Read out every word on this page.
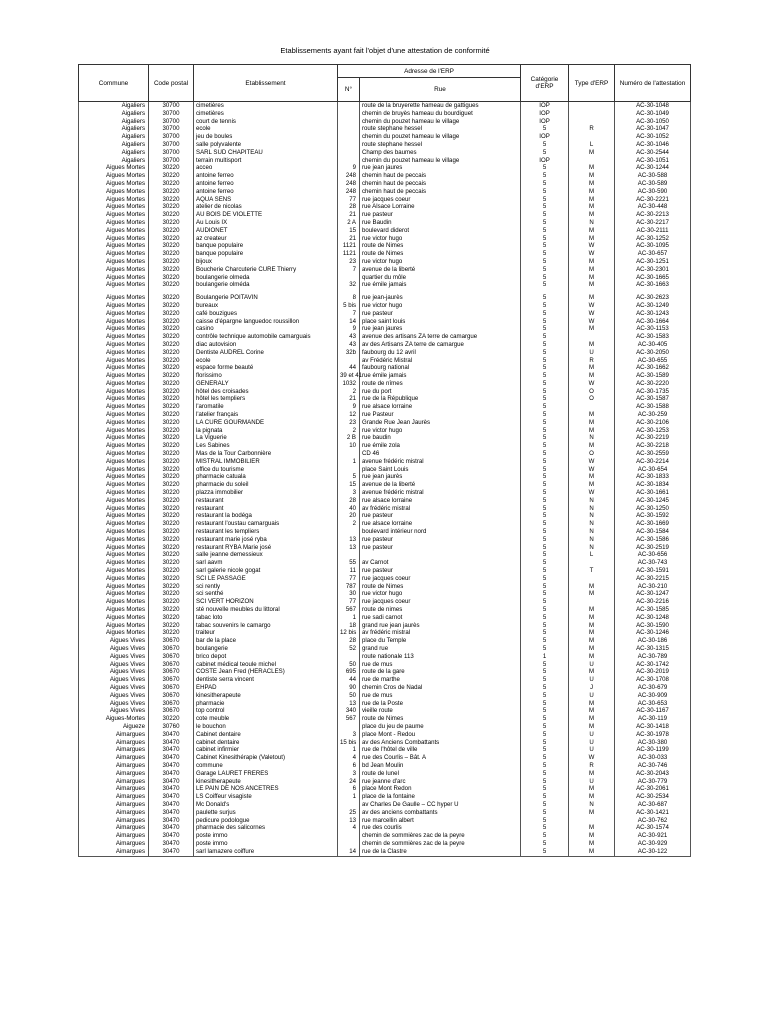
Etablissements ayant fait l'objet d'une attestation de conformité
Commune	Code postal	Etablissement	Adresse de l'ERP		Catégorie d'ERP	Type d'ERP	Numéro de l'attestation
			N°	Rue			
Aigaliers	30700	cimetières		route de la bruyerette hameau de gattigues	IOP		AC-30-1048
Aigaliers	30700	cimetières		chemin de bruyès hameau du bourdiguet	IOP		AC-30-1049
Aigaliers	30700	court de tennis		chemin du pouzet hameau le village	IOP		AC-30-1050
Aigaliers	30700	ecole		route stephane hessel	5	R	AC-30-1047
Aigaliers	30700	jeu de boules		chemin du pouzet hameau le village	IOP		AC-30-1052
Aigaliers	30700	salle polyvalente		route stephane hessel	5	L	AC-30-1046
Aigaliers	30700	SARL SUD CHAPITEAU		Champ des baumes	5	M	AC-30-2544
Aigaliers	30700	terrain multisport		chemin du pouzet hameau le village	IOP		AC-30-1051
Aigues Mortes	30220	acceo	9	rue jean jaures	5	M	AC-30-1244
Aigues Mortes	30220	antoine ferreo	248	chemin haut de peccais	5	M	AC-30-588
Aigues Mortes	30220	antoine ferreo	248	chemin haut de peccais	5	M	AC-30-589
Aigues Mortes	30220	antoine ferreo	248	chemin haut de peccais	5	M	AC-30-590
Aigues Mortes	30220	AQUA SENS	77	rue jacques coeur	5	M	AC-30-2221
Aigues Mortes	30220	atelier de nicolas	28	rue Alsace Lorraine	5	M	AC-30-448
Aigues Mortes	30220	AU BOIS DE VIOLETTE	21	rue pasteur	5	M	AC-30-2213
Aigues Mortes	30220	Au Louis IX	2 A	rue Baudin	5	N	AC-30-2217
Aigues Mortes	30220	AUDIONET	15	boulevard diderot	5	M	AC-30-2111
Aigues Mortes	30220	az createur	21	rue victor hugo	5	M	AC-30-1252
Aigues Mortes	30220	banque populaire	1121	route de Nimes	5	W	AC-30-1095
Aigues Mortes	30220	banque populaire	1121	route de Nimes	5	W	AC-30-657
Aigues Mortes	30220	bijoux	23	rue victor hugo	5	M	AC-30-1251
Aigues Mortes	30220	Boucherie Charcuterie CURE Thierry	7	avenue de la liberté	5	M	AC-30-2301
Aigues Mortes	30220	boulangerie olmeda		quartier du môle	5	M	AC-30-1665
Aigues Mortes	30220	boulangerie olméda	32	rue émile jamais	5	M	AC-30-1663

Aigues Mortes	30220	Boulangerie POITAVIN	8	rue jean-jaurès	5	M	AC-30-2623
Aigues Mortes	30220	bureaux	5 bis	rue victor hugo	5	W	AC-30-1249
Aigues Mortes	30220	café bouzigues	7	rue pasteur	5	W	AC-30-1243
Aigues Mortes	30220	caisse d'épargne languedoc roussillon	14	place saint louis	5	W	AC-30-1664
Aigues Mortes	30220	casino	9	rue jean jaures	5	M	AC-30-1153
Aigues Mortes	30220	contrôle technique automobile camarguais	43	avenue des artisans ZA terre de camargue	5		AC-30-1583
Aigues Mortes	30220	diac autovision	43	av des Artisans ZA terre de camargue	5	M	AC-30-405
Aigues Mortes	30220	Dentiste AUDREL Corine	32b	faubourg du 12 avril	5	U	AC-30-2050
Aigues Mortes	30220	ecole		av Frédéric Mistral	5	R	AC-30-655
Aigues Mortes	30220	espace forme beauté	44	faubourg national	5	M	AC-30-1662
Aigues Mortes	30220	florissimo	39 et 41	rue émile jamais	5	M	AC-30-1589
Aigues Mortes	30220	GENERALY	1032	route de nîmes	5	W	AC-30-2220
Aigues Mortes	30220	hôtel des croisades	2	rue du port	5	O	AC-30-1735
Aigues Mortes	30220	hôtel les templiers	21	rue de la République	5	O	AC-30-1587
Aigues Mortes	30220	l'aromatile	9	rue alsace lorraine	5		AC-30-1588
Aigues Mortes	30220	l'atelier français	12	rue Pasteur	5	M	AC-30-259
Aigues Mortes	30220	LA CURE GOURMANDE	23	Grande Rue Jean Jaurès	5	M	AC-30-2106
Aigues Mortes	30220	la pignata	2	rue victor hugo	5	M	AC-30-1253
Aigues Mortes	30220	La Viguerie	2 B	rue baudin	5	N	AC-30-2219
Aigues Mortes	30220	Les Sabines	10	rue émile zola	5	M	AC-30-2218
Aigues Mortes	30220	Mas de la Tour Carbonnière		CD 46	5	O	AC-30-2559
Aigues Mortes	30220	MISTRAL IMMOBILIER	1	avenue frédéric mistral	5	W	AC-30-2214
Aigues Mortes	30220	office du tourisme		place Saint Louis	5	W	AC-30-654
Aigues Mortes	30220	pharmacie catuala	5	rue jean jaurès	5	M	AC-30-1833
Aigues Mortes	30220	pharmacie du soleil	15	avenue de la liberté	5	M	AC-30-1834
Aigues Mortes	30220	plazza immobilier	3	avenue frédéric mistral	5	W	AC-30-1661
Aigues Mortes	30220	restaurant	28	rue alsace lorraine	5	N	AC-30-1245
Aigues Mortes	30220	restaurant	40	av frédéric mistral	5	N	AC-30-1250
Aigues Mortes	30220	restaurant la bodéga	20	rue pasteur	5	N	AC-30-1592
Aigues Mortes	30220	restaurant l'oustau camarguais	2	rue alsace lorraine	5	N	AC-30-1669
Aigues Mortes	30220	restaurant les templiers		boulevard intérieur nord	5	N	AC-30-1584
Aigues Mortes	30220	restaurant marie josé ryba	13	rue pasteur	5	N	AC-30-1586
Aigues Mortes	30220	restaurant RYBA Marie josé	13	rue pasteur	5	N	AC-30-2519
Aigues Mortes	30220	salle jeanne demessieux			5	L	AC-30-656
Aigues Mortes	30220	sarl aavm	55	av Carnot	5		AC-30-743
Aigues Mortes	30220	sarl galerie nicole gogat	11	rue pasteur	5	T	AC-30-1591
Aigues Mortes	30220	SCI LE PASSAGE	77	rue jacques coeur	5		AC-30-2215
Aigues Mortes	30220	sci rently	787	route de Nimes	5	M	AC-30-210
Aigues Mortes	30220	sci senthé	30	rue victor hugo	5	M	AC-30-1247
Aigues Mortes	30220	SCI VERT HORIZON	77	rue jacques coeur	5		AC-30-2216
Aigues Mortes	30220	sté nouvelle meubles du littoral	567	route de nimes	5	M	AC-30-1585
Aigues Mortes	30220	tabac loto	1	rue sadi carnot	5	M	AC-30-1248
Aigues Mortes	30220	tabac souvenirs le camargo	18	grand rue jean jaurès	5	M	AC-30-1590
Aigues Mortes	30220	traiteur	12 bis	av frédéric mistral	5	M	AC-30-1246
Aigues Vives	30670	bar de la place	28	place du Temple	5	M	AC-30-186
Aigues Vives	30670	boulangerie	52	grand rue	5	M	AC-30-1315
Aigues Vives	30670	brico depot		route nationale 113	1	M	AC-30-789
Aigues Vives	30670	cabinet médical teoule michel	50	rue de mus	5	U	AC-30-1742
Aigues Vives	30670	COSTE Jean Fred (HERACLES)	695	route de la gare	5	M	AC-30-2019
Aigues Vives	30670	dentiste serra vincent	44	rue de marthe	5	U	AC-30-1708
Aigues Vives	30670	EHPAD	90	chemin Cros de Nadal	5	J	AC-30-679
Aigues Vives	30670	kinesitherapeute	50	rue de mus	5	U	AC-30-909
Aigues Vives	30670	pharmacie	13	rue de la Poste	5	M	AC-30-653
Aigues Vives	30670	top control	340	vieille route	5	M	AC-30-1167
Aigues-Mortes	30220	cote meuble	567	route de Nimes	5	M	AC-30-119
Aigueze	30760	le bouchon		place du jeu de paume	5	M	AC-30-1418
Aimargues	30470	Cabinet dentaire	3	place Mont - Redou	5	U	AC-30-1978
Aimargues	30470	cabinet dentaire	15 bis	av des Anciens Combattants	5	U	AC-30-380
Aimargues	30470	cabinet infirmier	1	rue de l'hôtel de ville	5	U	AC-30-1199
Aimargues	30470	Cabinet Kinesithérapie (Valetout)	4	rue des Courlis – Bât. A	5	W	AC-30-033
Aimargues	30470	commune	6	bd Jean Moulin	5	R	AC-30-746
Aimargues	30470	Garage LAURET FRERES	3	route de lunel	5	M	AC-30-2043
Aimargues	30470	kinesitherapeute	24	rue jeanne d'arc	5	U	AC-30-779
Aimargues	30470	LE PAIN DE NOS ANCETRES	6	place Mont Redon	5	M	AC-30-2061
Aimargues	30470	LS Coiffeur visagiste	1	place de la fontaine	5	M	AC-30-2534
Aimargues	30470	Mc Donald's		av Charles De Gaulle – CC hyper U	5	N	AC-30-687
Aimargues	30470	paulette surjus	25	av des anciens combattants	5	M	AC-30-1421
Aimargues	30470	pedicure podologue	13	rue marcellin albert	5		AC-30-762
Aimargues	30470	pharmacie des salicornes	4	rue des courlis	5	M	AC-30-1574
Aimargues	30470	poste immo		chemin de sommières zac de la peyre	5	M	AC-30-921
Aimargues	30470	poste immo		chemin de sommières zac de la peyre	5	M	AC-30-929
Aimargues	30470	sarl lamazere coiffure	14	rue de la Clastre	5	M	AC-30-122
